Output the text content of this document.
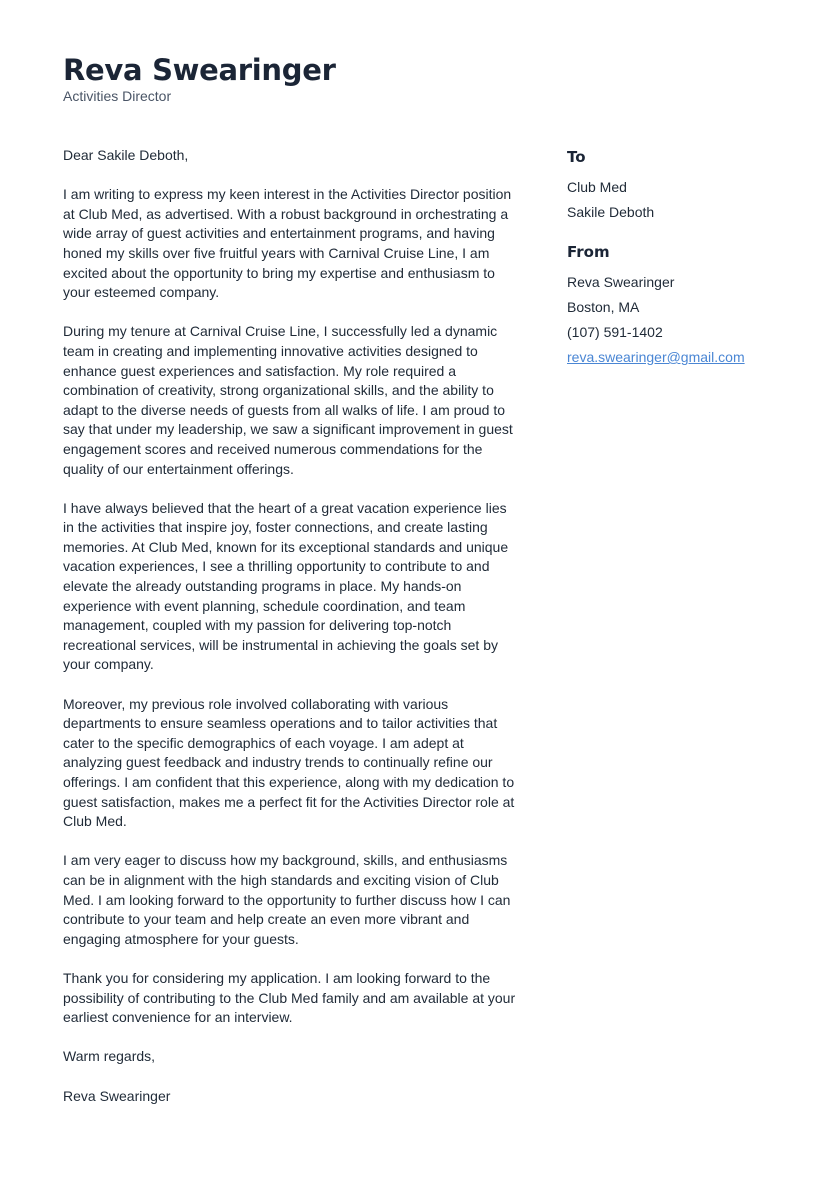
Reva Swearinger
Activities Director

Dear Sakile Deboth,

I am writing to express my keen interest in the Activities Director position at Club Med, as advertised. With a robust background in orchestrating a wide array of guest activities and entertainment programs, and having honed my skills over five fruitful years with Carnival Cruise Line, I am excited about the opportunity to bring my expertise and enthusiasm to your esteemed company.

During my tenure at Carnival Cruise Line, I successfully led a dynamic team in creating and implementing innovative activities designed to enhance guest experiences and satisfaction. My role required a combination of creativity, strong organizational skills, and the ability to adapt to the diverse needs of guests from all walks of life. I am proud to say that under my leadership, we saw a significant improvement in guest engagement scores and received numerous commendations for the quality of our entertainment offerings.

I have always believed that the heart of a great vacation experience lies in the activities that inspire joy, foster connections, and create lasting memories. At Club Med, known for its exceptional standards and unique vacation experiences, I see a thrilling opportunity to contribute to and elevate the already outstanding programs in place. My hands-on experience with event planning, schedule coordination, and team management, coupled with my passion for delivering top-notch recreational services, will be instrumental in achieving the goals set by your company.

Moreover, my previous role involved collaborating with various departments to ensure seamless operations and to tailor activities that cater to the specific demographics of each voyage. I am adept at analyzing guest feedback and industry trends to continually refine our offerings. I am confident that this experience, along with my dedication to guest satisfaction, makes me a perfect fit for the Activities Director role at Club Med.

I am very eager to discuss how my background, skills, and enthusiasms can be in alignment with the high standards and exciting vision of Club Med. I am looking forward to the opportunity to further discuss how I can contribute to your team and help create an even more vibrant and engaging atmosphere for your guests.

Thank you for considering my application. I am looking forward to the possibility of contributing to the Club Med family and am available at your earliest convenience for an interview.

Warm regards,

Reva Swearinger

To
Club Med
Sakile Deboth
From
Reva Swearinger
Boston, MA
(107) 591-1402
reva.swearinger@gmail.com
